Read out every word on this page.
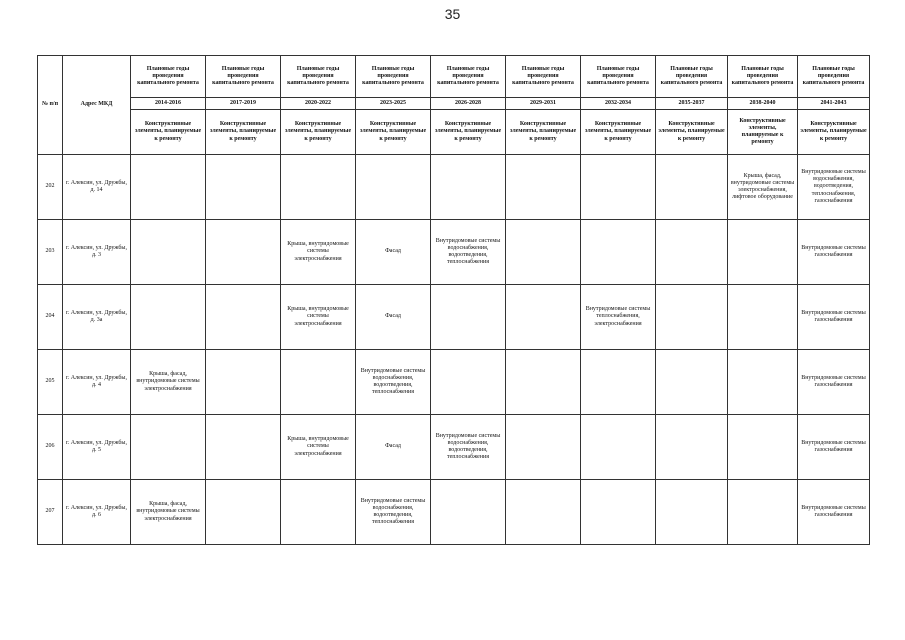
35
№ п/п	Адрес МКД	Плановые годы проведения капитального ремонта	Плановые годы проведения капитального ремонта	Плановые годы проведения капитального ремонта	Плановые годы проведения капитального ремонта	Плановые годы проведения капитального ремонта	Плановые годы проведения капитального ремонта	Плановые годы проведения капитального ремонта	Плановые годы проведения капитального ремонта	Плановые годы проведения капитального ремонта	Плановые годы проведения капитального ремонта
		2014-2016	2017-2019	2020-2022	2023-2025	2026-2028	2029-2031	2032-2034	2035-2037	2038-2040	2041-2043
		Конструктивные элементы, планируемые к ремонту	Конструктивные элементы, планируемые к ремонту	Конструктивные элементы, планируемые к ремонту	Конструктивные элементы, планируемые к ремонту	Конструктивные элементы, планируемые к ремонту	Конструктивные элементы, планируемые к ремонту	Конструктивные элементы, планируемые к ремонту	Конструктивные элементы, планируемые к ремонту	Конструктивные элементы, планируемые к ремонту	Конструктивные элементы, планируемые к ремонту
202	г. Алексин, ул. Дружбы, д. 14									Крыша, фасад, внутридомовые системы электроснабжения, лифтовое оборудование	Внутридомовые системы водоснабжения, водоотведения, теплоснабжения, газоснабжения
203	г. Алексин, ул. Дружбы, д. 3			Крыша, внутридомовые системы электроснабжения	Фасад	Внутридомовые системы водоснабжения, водоотведения, теплоснабжения					Внутридомовые системы газоснабжения
204	г. Алексин, ул. Дружбы, д. 3а			Крыша, внутридомовые системы электроснабжения	Фасад			Внутридомовые системы теплоснабжения, электроснабжения			Внутридомовые системы газоснабжения
205	г. Алексин, ул. Дружбы, д. 4	Крыша, фасад, внутридомовые системы электроснабжения			Внутридомовые системы водоснабжения, водоотведения, теплоснабжения						Внутридомовые системы газоснабжения
206	г. Алексин, ул. Дружбы, д. 5			Крыша, внутридомовые системы электроснабжения	Фасад	Внутридомовые системы водоснабжения, водоотведения, теплоснабжения					Внутридомовые системы газоснабжения
207	г. Алексин, ул. Дружбы, д. 6	Крыша, фасад, внутридомовые системы электроснабжения			Внутридомовые системы водоснабжения, водоотведения, теплоснабжения						Внутридомовые системы газоснабжения
